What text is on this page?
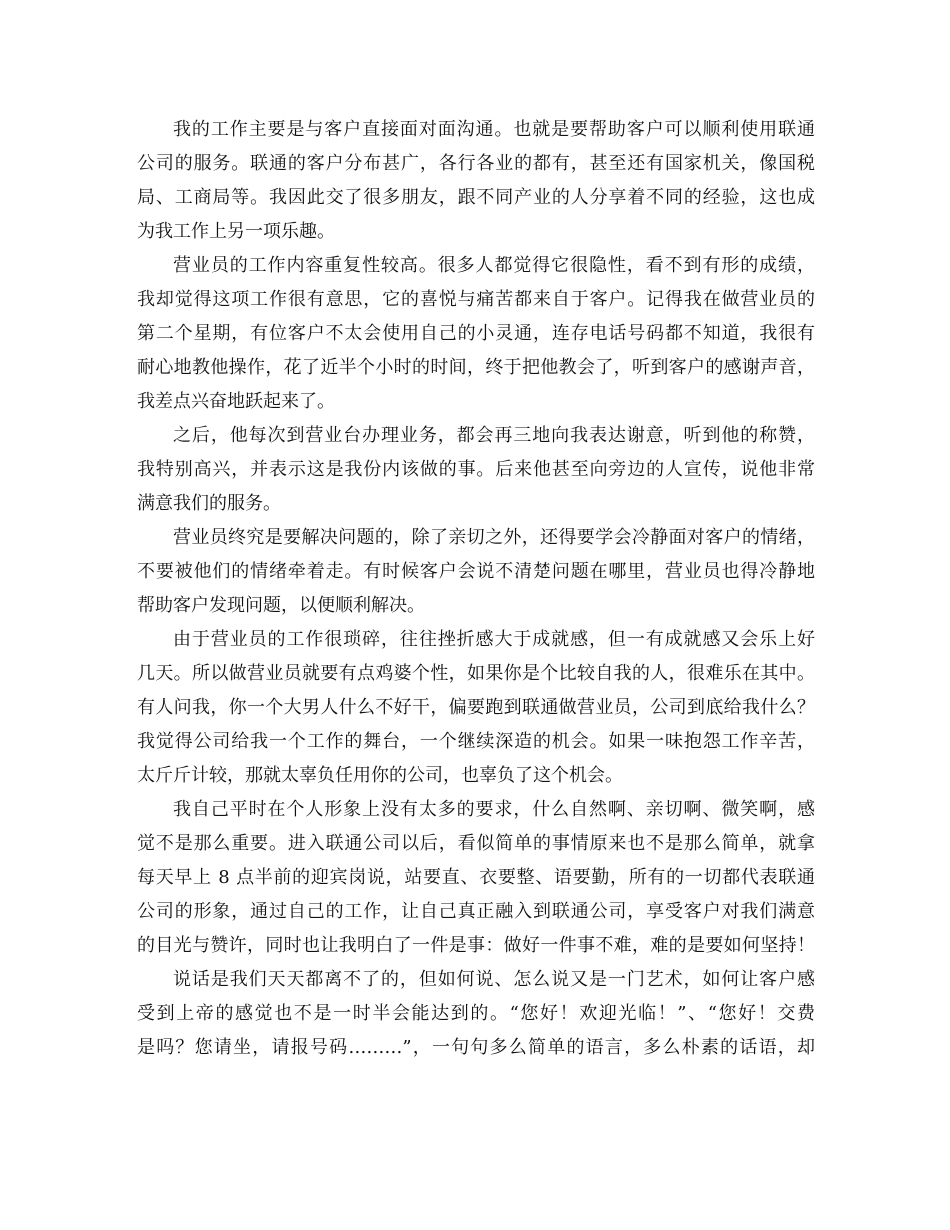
我的工作主要是与客户直接面对面沟通。也就是要帮助客户可以顺利使用联通
公司的服务。联通的客户分布甚广，各行各业的都有，甚至还有国家机关，像国税
局、工商局等。我因此交了很多朋友，跟不同产业的人分享着不同的经验，这也成
为我工作上另一项乐趣。
营业员的工作内容重复性较高。很多人都觉得它很隐性，看不到有形的成绩，
我却觉得这项工作很有意思，它的喜悦与痛苦都来自于客户。记得我在做营业员的
第二个星期，有位客户不太会使用自己的小灵通，连存电话号码都不知道，我很有
耐心地教他操作，花了近半个小时的时间，终于把他教会了，听到客户的感谢声音，
我差点兴奋地跃起来了。
之后，他每次到营业台办理业务，都会再三地向我表达谢意，听到他的称赞，
我特别高兴，并表示这是我份内该做的事。后来他甚至向旁边的人宣传，说他非常
满意我们的服务。
营业员终究是要解决问题的，除了亲切之外，还得要学会冷静面对客户的情绪，
不要被他们的情绪牵着走。有时候客户会说不清楚问题在哪里，营业员也得冷静地
帮助客户发现问题，以便顺利解决。
由于营业员的工作很琐碎，往往挫折感大于成就感，但一有成就感又会乐上好
几天。所以做营业员就要有点鸡婆个性，如果你是个比较自我的人，很难乐在其中。
有人问我，你一个大男人什么不好干，偏要跑到联通做营业员，公司到底给我什么？
我觉得公司给我一个工作的舞台，一个继续深造的机会。如果一味抱怨工作辛苦，
太斤斤计较，那就太辜负任用你的公司，也辜负了这个机会。
我自己平时在个人形象上没有太多的要求，什么自然啊、亲切啊、微笑啊，感
觉不是那么重要。进入联通公司以后，看似简单的事情原来也不是那么简单，就拿
每天早上 8 点半前的迎宾岗说，站要直、衣要整、语要勤，所有的一切都代表联通
公司的形象，通过自己的工作，让自己真正融入到联通公司，享受客户对我们满意
的目光与赞许，同时也让我明白了一件是事：做好一件事不难，难的是要如何坚持！
说话是我们天天都离不了的，但如何说、怎么说又是一门艺术，如何让客户感
受到上帝的感觉也不是一时半会能达到的。“您好！欢迎光临！”、“您好！交费
是吗？您请坐，请报号码………”，一句句多么简单的语言，多么朴素的话语，却
